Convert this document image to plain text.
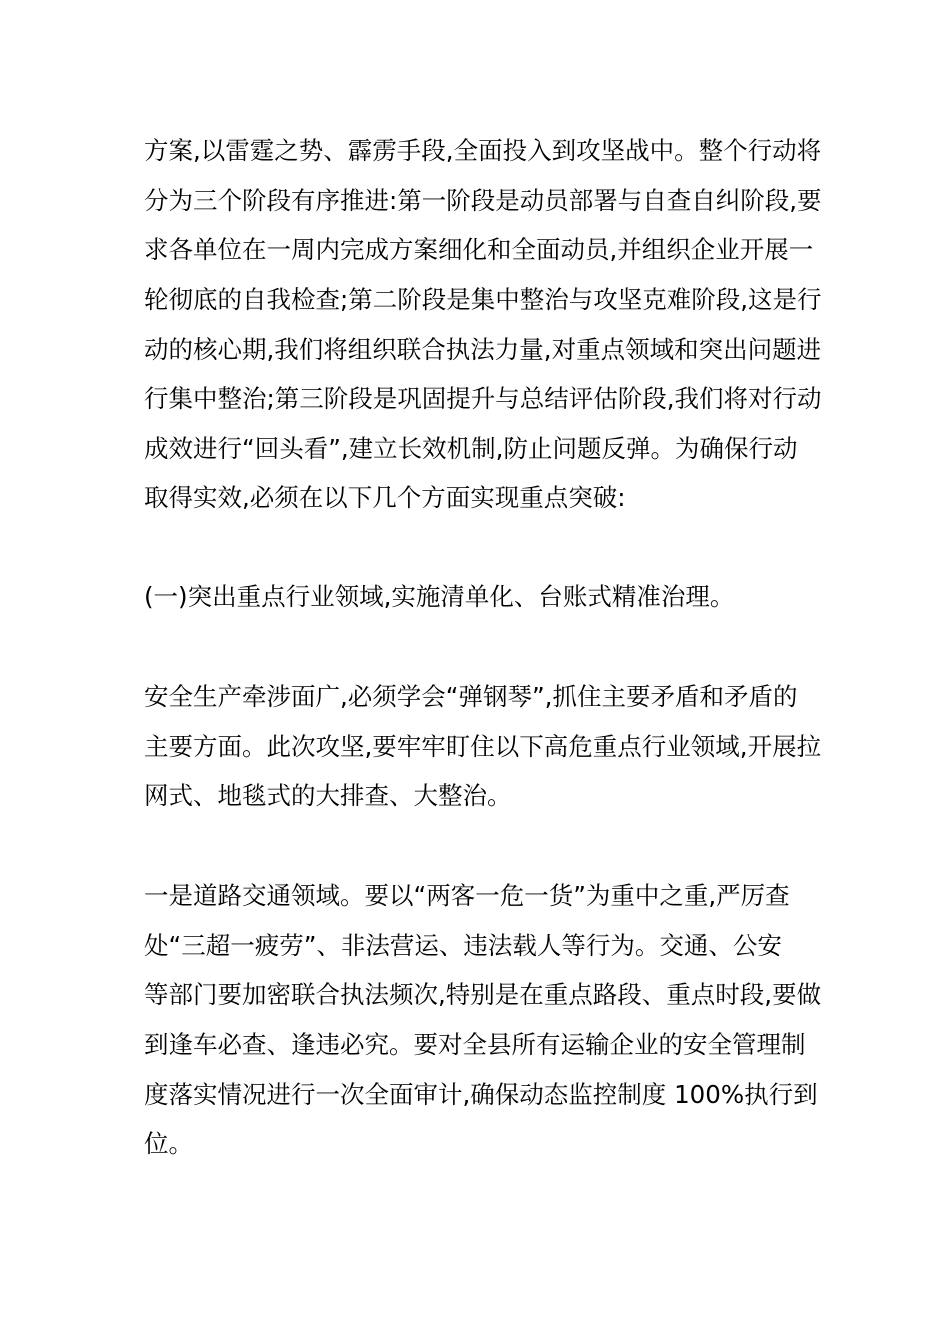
方案,以雷霆之势、霹雳手段,全面投入到攻坚战中。整个行动将
分为三个阶段有序推进:第一阶段是动员部署与自查自纠阶段,要
求各单位在一周内完成方案细化和全面动员,并组织企业开展一
轮彻底的自我检查;第二阶段是集中整治与攻坚克难阶段,这是行
动的核心期,我们将组织联合执法力量,对重点领域和突出问题进
行集中整治;第三阶段是巩固提升与总结评估阶段,我们将对行动
成效进行“回头看”,建立长效机制,防止问题反弹。为确保行动
取得实效,必须在以下几个方面实现重点突破:
(一)突出重点行业领域,实施清单化、台账式精准治理。
安全生产牵涉面广,必须学会“弹钢琴”,抓住主要矛盾和矛盾的
主要方面。此次攻坚,要牢牢盯住以下高危重点行业领域,开展拉
网式、地毯式的大排查、大整治。
一是道路交通领域。要以“两客一危一货”为重中之重,严厉查
处“三超一疲劳”、非法营运、违法载人等行为。交通、公安
等部门要加密联合执法频次,特别是在重点路段、重点时段,要做
到逢车必查、逢违必究。要对全县所有运输企业的安全管理制
度落实情况进行一次全面审计,确保动态监控制度 100%执行到
位。
